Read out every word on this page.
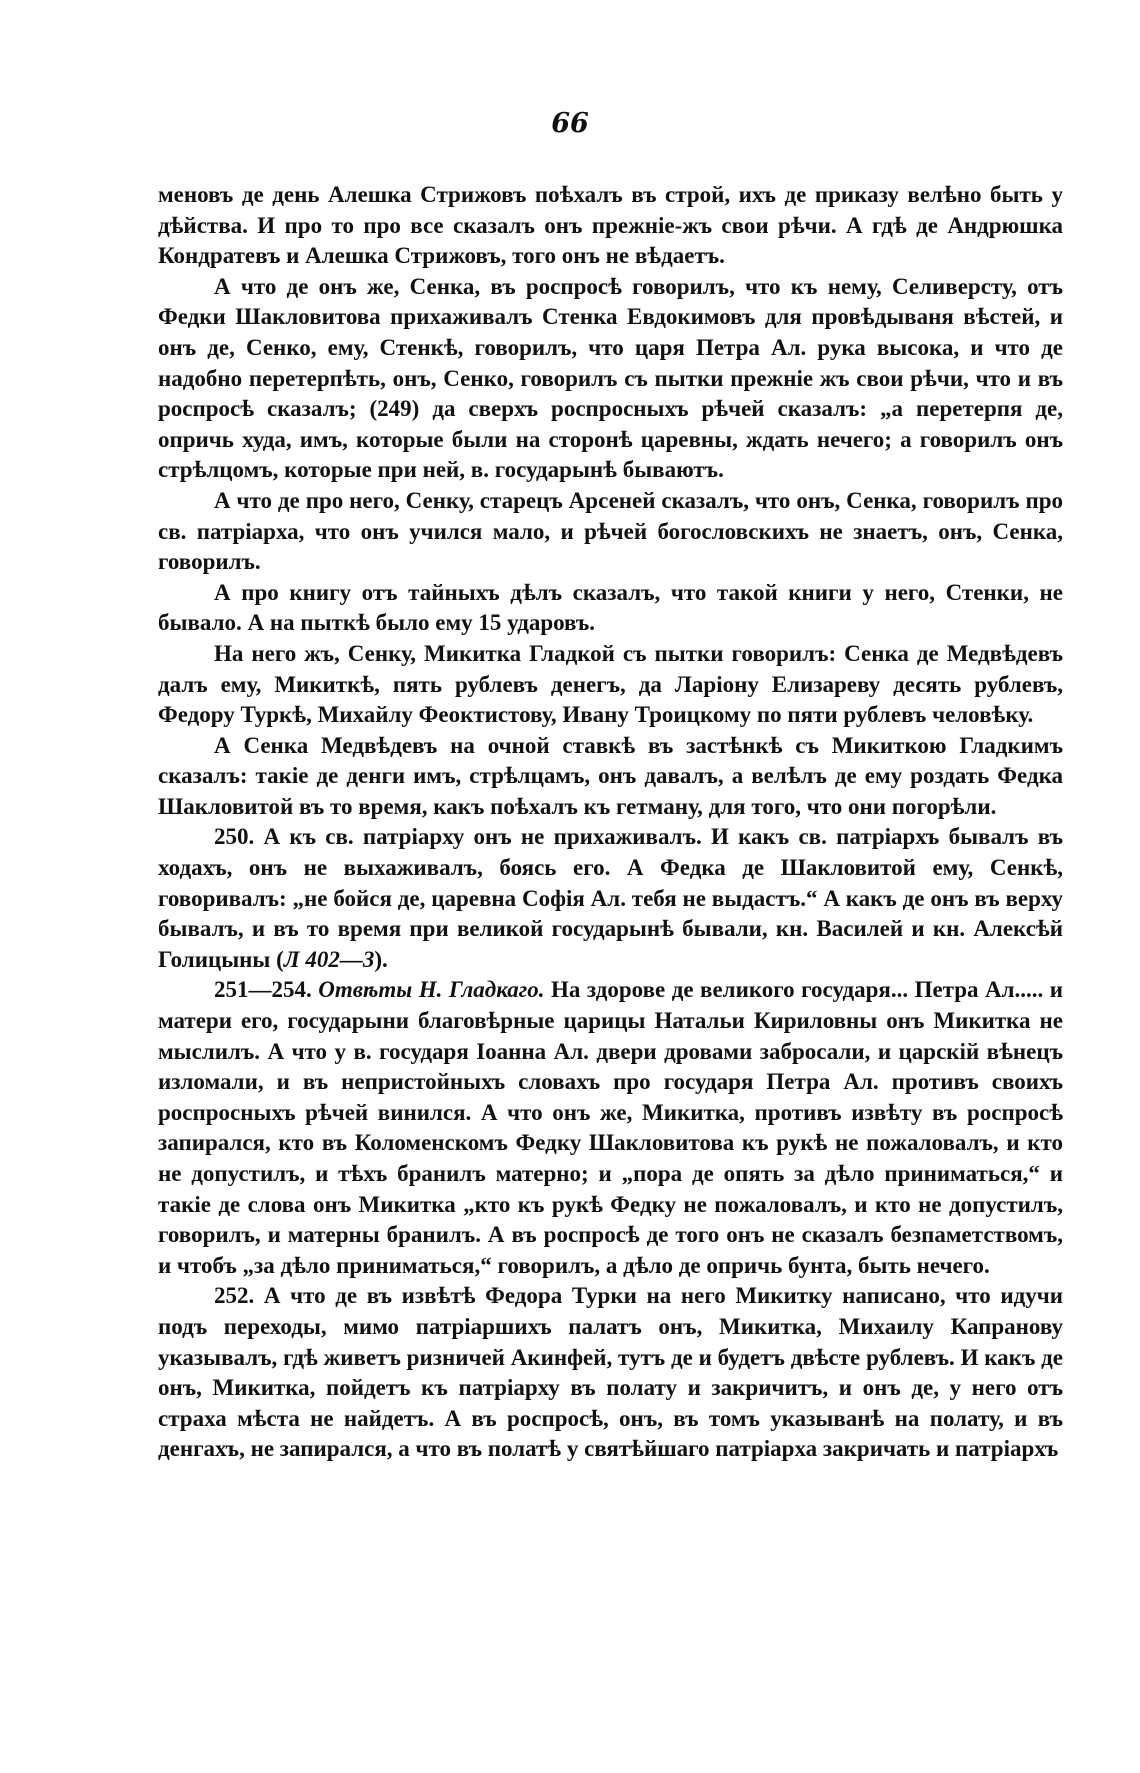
66

меновъ де день Алешка Стрижовъ поѣхалъ въ строй, ихъ де приказу велѣно быть у дѣйства. И про то про все сказалъ онъ прежніе-жъ свои рѣчи. А гдѣ де Андрюшка Кондратевъ и Алешка Стрижовъ, того онъ не вѣдаетъ.

А что де онъ же, Сенка, въ роспросѣ говорилъ, что къ нему, Селиверсту, отъ Федки Шакловитова прихаживалъ Стенка Евдокимовъ для провѣдываня вѣстей, и онъ де, Сенко, ему, Стенкѣ, говорилъ, что царя Петра Ал. рука высока, и что де надобно перетерпѣть, онъ, Сенко, говорилъ съ пытки прежніе жъ свои рѣчи, что и въ роспросѣ сказалъ; (249) да сверхъ роспросныхъ рѣчей сказалъ: „а перетерпя де, опричь худа, имъ, которые были на сторонѣ царевны, ждать нечего; а говорилъ онъ стрѣлцомъ, которые при ней, в. государынѣ бываютъ.

А что де про него, Сенку, старецъ Арсеней сказалъ, что онъ, Сенка, говорилъ про св. патріарха, что онъ учился мало, и рѣчей богословскихъ не знаетъ, онъ, Сенка, говорилъ.

А про книгу отъ тайныхъ дѣлъ сказалъ, что такой книги у него, Стенки, не бывало. А на пыткѣ было ему 15 ударовъ.

На него жъ, Сенку, Микитка Гладкой съ пытки говорилъ: Сенка де Медвѣдевъ далъ ему, Микиткѣ, пять рублевъ денегъ, да Ларіону Елизареву десять рублевъ, Федору Туркѣ, Михайлу Феоктистову, Ивану Троицкому по пяти рублевъ человѣку.

А Сенка Медвѣдевъ на очной ставкѣ въ застѣнкѣ съ Микиткою Гладкимъ сказалъ: такіе де денги имъ, стрѣлцамъ, онъ давалъ, а велѣлъ де ему роздать Федка Шакловитой въ то время, какъ поѣхалъ къ гетману, для того, что они погорѣли.

250. А къ св. патріарху онъ не прихаживалъ. И какъ св. патріархъ бывалъ въ ходахъ, онъ не выхаживалъ, боясь его. А Федка де Шакловитой ему, Сенкѣ, говоривалъ: „не бойся де, царевна Софія Ал. тебя не выдастъ.“ А какъ де онъ въ верху бывалъ, и въ то время при великой государынѣ бывали, кн. Василей и кн. Алексѣй Голицыны (Л 402—3).

251—254. Отвѣты Н. Гладкаго. На здорове де великого государя... Петра Ал..... и матери его, государыни благовѣрные царицы Натальи Кириловны онъ Микитка не мыслилъ. А что у в. государя Іоанна Ал. двери дровами забросали, и царскій вѣнецъ изломали, и въ непристойныхъ словахъ про государя Петра Ал. противъ своихъ роспросныхъ рѣчей винился. А что онъ же, Микитка, противъ извѣту въ роспросѣ запирался, кто въ Коломенскомъ Федку Шакловитова къ рукѣ не пожаловалъ, и кто не допустилъ, и тѣхъ бранилъ матерно; и „пора де опять за дѣло приниматься,“ и такіе де слова онъ Микитка „кто къ рукѣ Федку не пожаловалъ, и кто не допустилъ, говорилъ, и матерны бранилъ. А въ роспросѣ де того онъ не сказалъ безпаметствомъ, и чтобъ „за дѣло приниматься,“ говорилъ, а дѣло де опричь бунта, быть нечего.

252. А что де въ извѣтѣ Федора Турки на него Микитку написано, что идучи подъ переходы, мимо патріаршихъ палатъ онъ, Микитка, Михаилу Капранову указывалъ, гдѣ живетъ ризничей Акинфей, тутъ де и будетъ двѣсте рублевъ. И какъ де онъ, Микитка, пойдетъ къ патріарху въ полату и закричитъ, и онъ де, у него отъ страха мѣста не найдетъ. А въ роспросѣ, онъ, въ томъ указыванѣ на полату, и въ денгахъ, не запирался, а что въ полатѣ у святѣйшаго патріарха закричать и патріархъ
